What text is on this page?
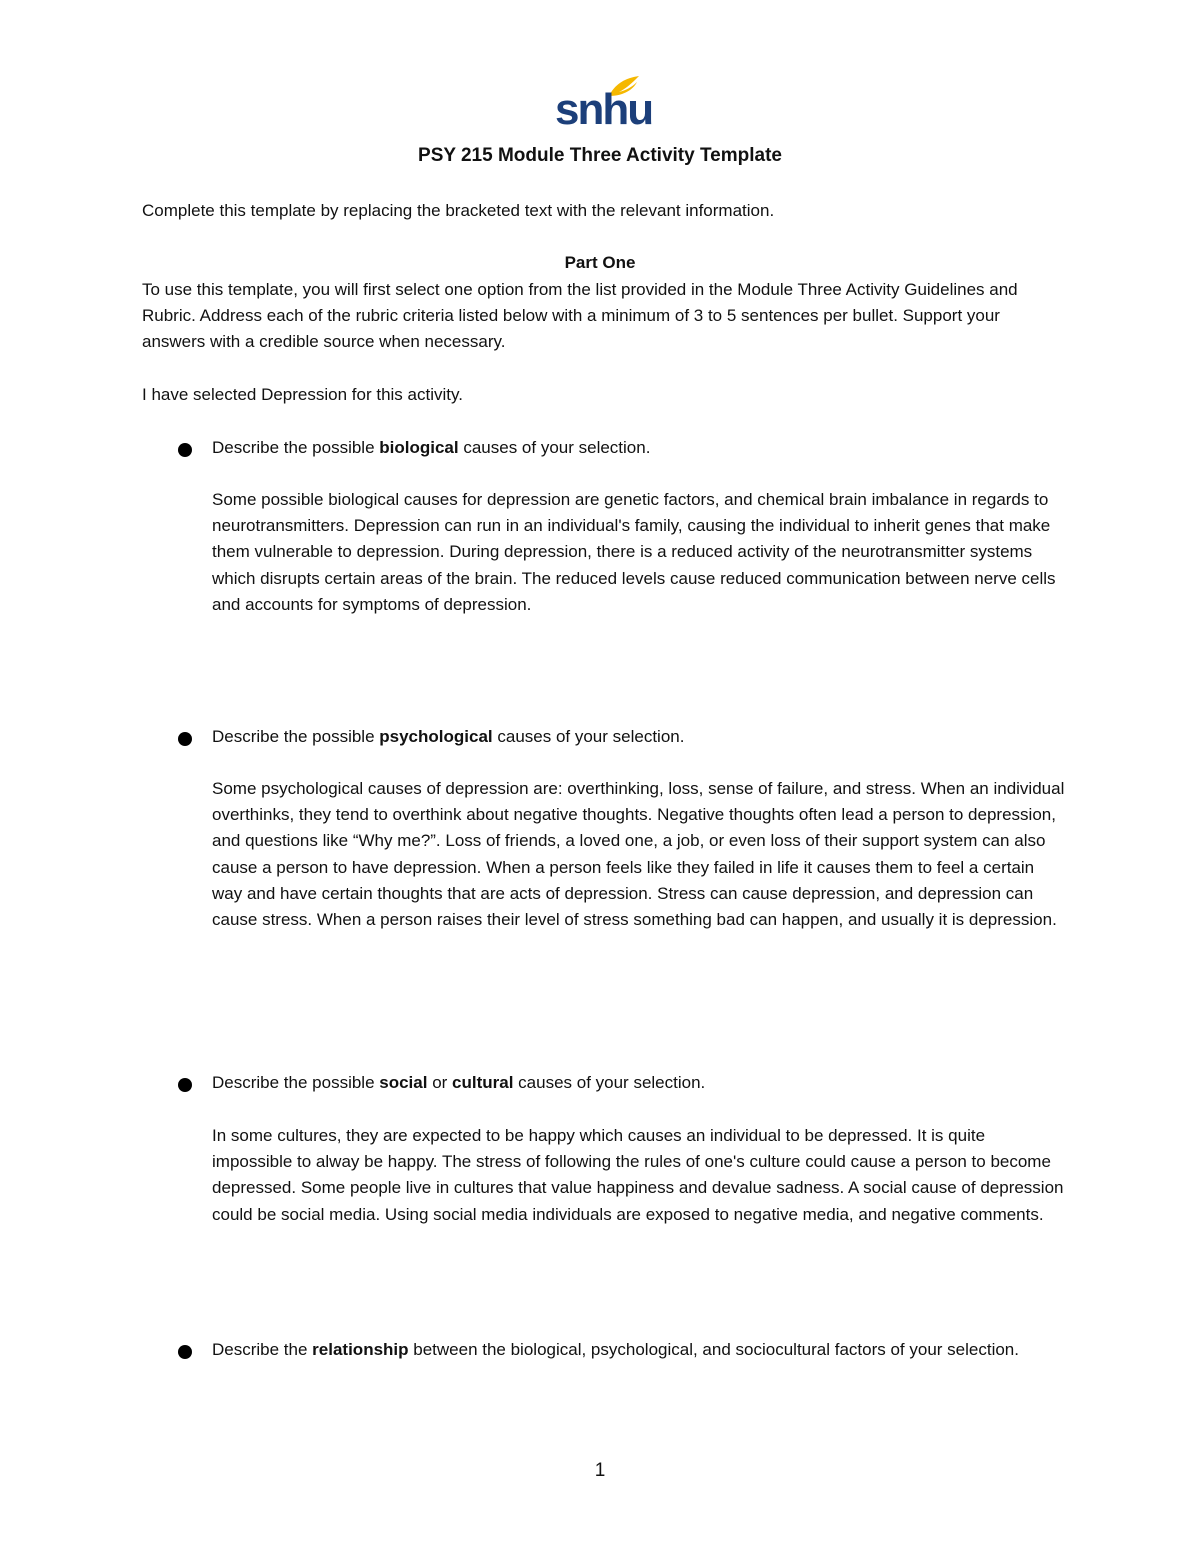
snhu
PSY 215 Module Three Activity Template

Complete this template by replacing the bracketed text with the relevant information.

Part One

To use this template, you will first select one option from the list provided in the Module Three Activity Guidelines and Rubric. Address each of the rubric criteria listed below with a minimum of 3 to 5 sentences per bullet. Support your answers with a credible source when necessary.

I have selected Depression for this activity.

Describe the possible biological causes of your selection.

Some possible biological causes for depression are genetic factors, and chemical brain imbalance in regards to neurotransmitters. Depression can run in an individual's family, causing the individual to inherit genes that make them vulnerable to depression. During depression, there is a reduced activity of the neurotransmitter systems which disrupts certain areas of the brain. The reduced levels cause reduced communication between nerve cells and accounts for symptoms of depression.

Describe the possible psychological causes of your selection.

Some psychological causes of depression are: overthinking, loss, sense of failure, and stress. When an individual overthinks, they tend to overthink about negative thoughts. Negative thoughts often lead a person to depression, and questions like “Why me?”. Loss of friends, a loved one, a job, or even loss of their support system can also cause a person to have depression. When a person feels like they failed in life it causes them to feel a certain way and have certain thoughts that are acts of depression. Stress can cause depression, and depression can cause stress. When a person raises their level of stress something bad can happen, and usually it is depression.

Describe the possible social or cultural causes of your selection.

In some cultures, they are expected to be happy which causes an individual to be depressed. It is quite impossible to alway be happy. The stress of following the rules of one's culture could cause a person to become depressed. Some people live in cultures that value happiness and devalue sadness. A social cause of depression could be social media. Using social media individuals are exposed to negative media, and negative comments.

Describe the relationship between the biological, psychological, and sociocultural factors of your selection.

1
